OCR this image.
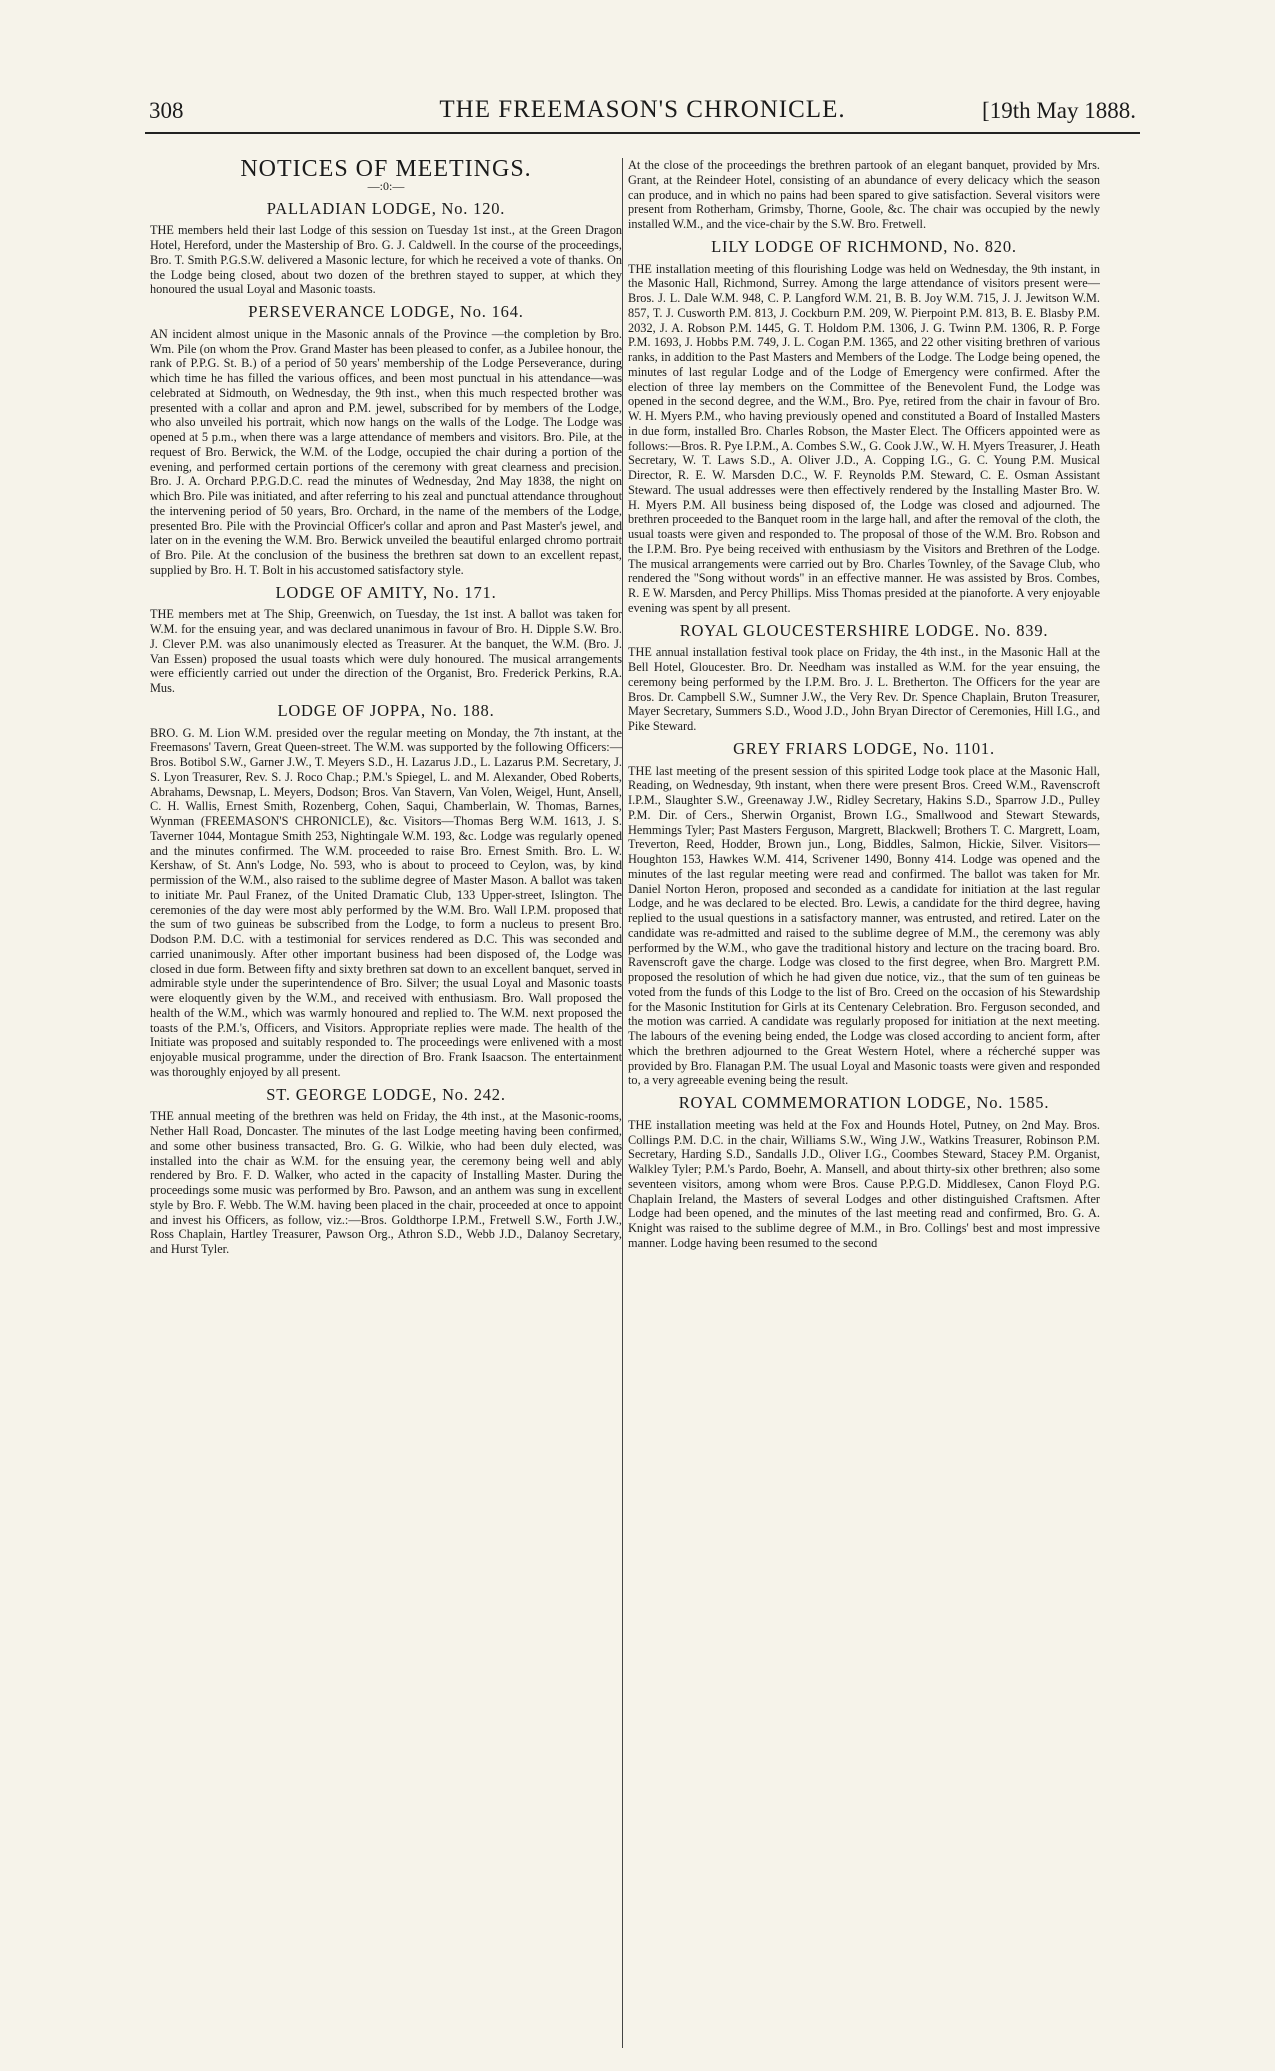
308	THE FREEMASON'S CHRONICLE.	[19th May 1888.
NOTICES OF MEETINGS.
—:0:—
PALLADIAN LODGE, No. 120.

THE members held their last Lodge of this session on Tuesday 1st inst., at the Green Dragon Hotel, Hereford, under the Mastership of Bro. G. J. Caldwell. In the course of the proceedings, Bro. T. Smith P.G.S.W. delivered a Masonic lecture, for which he received a vote of thanks. On the Lodge being closed, about two dozen of the brethren stayed to supper, at which they honoured the usual Loyal and Masonic toasts.

PERSEVERANCE LODGE, No. 164.

AN incident almost unique in the Masonic annals of the Province —the completion by Bro. Wm. Pile (on whom the Prov. Grand Master has been pleased to confer, as a Jubilee honour, the rank of P.P.G. St. B.) of a period of 50 years' membership of the Lodge Perseverance, during which time he has filled the various offices, and been most punctual in his attendance—was celebrated at Sidmouth, on Wednesday, the 9th inst., when this much respected brother was presented with a collar and apron and P.M. jewel, subscribed for by members of the Lodge, who also unveiled his portrait, which now hangs on the walls of the Lodge. The Lodge was opened at 5 p.m., when there was a large attendance of members and visitors. Bro. Pile, at the request of Bro. Berwick, the W.M. of the Lodge, occupied the chair during a portion of the evening, and performed certain portions of the ceremony with great clearness and precision. Bro. J. A. Orchard P.P.G.D.C. read the minutes of Wednesday, 2nd May 1838, the night on which Bro. Pile was initiated, and after referring to his zeal and punctual attendance throughout the intervening period of 50 years, Bro. Orchard, in the name of the members of the Lodge, presented Bro. Pile with the Provincial Officer's collar and apron and Past Master's jewel, and later on in the evening the W.M. Bro. Berwick unveiled the beautiful enlarged chromo portrait of Bro. Pile. At the conclusion of the business the brethren sat down to an excellent repast, supplied by Bro. H. T. Bolt in his accustomed satisfactory style.

LODGE OF AMITY, No. 171.

THE members met at The Ship, Greenwich, on Tuesday, the 1st inst. A ballot was taken for W.M. for the ensuing year, and was declared unanimous in favour of Bro. H. Dipple S.W. Bro. J. Clever P.M. was also unanimously elected as Treasurer. At the banquet, the W.M. (Bro. J. Van Essen) proposed the usual toasts which were duly honoured. The musical arrangements were efficiently carried out under the direction of the Organist, Bro. Frederick Perkins, R.A. Mus.

LODGE OF JOPPA, No. 188.

BRO. G. M. Lion W.M. presided over the regular meeting on Monday, the 7th instant, at the Freemasons' Tavern, Great Queen-street. The W.M. was supported by the following Officers:—Bros. Botibol S.W., Garner J.W., T. Meyers S.D., H. Lazarus J.D., L. Lazarus P.M. Secretary, J. S. Lyon Treasurer, Rev. S. J. Roco Chap.; P.M.'s Spiegel, L. and M. Alexander, Obed Roberts, Abrahams, Dewsnap, L. Meyers, Dodson; Bros. Van Stavern, Van Volen, Weigel, Hunt, Ansell, C. H. Wallis, Ernest Smith, Rozenberg, Cohen, Saqui, Chamberlain, W. Thomas, Barnes, Wynman (FREEMASON'S CHRONICLE), &c. Visitors—Thomas Berg W.M. 1613, J. S. Taverner 1044, Montague Smith 253, Nightingale W.M. 193, &c. Lodge was regularly opened and the minutes confirmed. The W.M. proceeded to raise Bro. Ernest Smith. Bro. L. W. Kershaw, of St. Ann's Lodge, No. 593, who is about to proceed to Ceylon, was, by kind permission of the W.M., also raised to the sublime degree of Master Mason. A ballot was taken to initiate Mr. Paul Franez, of the United Dramatic Club, 133 Upper-street, Islington. The ceremonies of the day were most ably performed by the W.M. Bro. Wall I.P.M. proposed that the sum of two guineas be subscribed from the Lodge, to form a nucleus to present Bro. Dodson P.M. D.C. with a testimonial for services rendered as D.C. This was seconded and carried unanimously. After other important business had been disposed of, the Lodge was closed in due form. Between fifty and sixty brethren sat down to an excellent banquet, served in admirable style under the superintendence of Bro. Silver; the usual Loyal and Masonic toasts were eloquently given by the W.M., and received with enthusiasm. Bro. Wall proposed the health of the W.M., which was warmly honoured and replied to. The W.M. next proposed the toasts of the P.M.'s, Officers, and Visitors. Appropriate replies were made. The health of the Initiate was proposed and suitably responded to. The proceedings were enlivened with a most enjoyable musical programme, under the direction of Bro. Frank Isaacson. The entertainment was thoroughly enjoyed by all present.

ST. GEORGE LODGE, No. 242.

THE annual meeting of the brethren was held on Friday, the 4th inst., at the Masonic-rooms, Nether Hall Road, Doncaster. The minutes of the last Lodge meeting having been confirmed, and some other business transacted, Bro. G. G. Wilkie, who had been duly elected, was installed into the chair as W.M. for the ensuing year, the ceremony being well and ably rendered by Bro. F. D. Walker, who acted in the capacity of Installing Master. During the proceedings some music was performed by Bro. Pawson, and an anthem was sung in excellent style by Bro. F. Webb. The W.M. having been placed in the chair, proceeded at once to appoint and invest his Officers, as follow, viz.:—Bros. Goldthorpe I.P.M., Fretwell S.W., Forth J.W., Ross Chaplain, Hartley Treasurer, Pawson Org., Athron S.D., Webb J.D., Dalanoy Secretary, and Hurst Tyler.

At the close of the proceedings the brethren partook of an elegant banquet, provided by Mrs. Grant, at the Reindeer Hotel, consisting of an abundance of every delicacy which the season can produce, and in which no pains had been spared to give satisfaction. Several visitors were present from Rotherham, Grimsby, Thorne, Goole, &c. The chair was occupied by the newly installed W.M., and the vice-chair by the S.W. Bro. Fretwell.

LILY LODGE OF RICHMOND, No. 820.

THE installation meeting of this flourishing Lodge was held on Wednesday, the 9th instant, in the Masonic Hall, Richmond, Surrey. Among the large attendance of visitors present were—Bros. J. L. Dale W.M. 948, C. P. Langford W.M. 21, B. B. Joy W.M. 715, J. J. Jewitson W.M. 857, T. J. Cusworth P.M. 813, J. Cockburn P.M. 209, W. Pierpoint P.M. 813, B. E. Blasby P.M. 2032, J. A. Robson P.M. 1445, G. T. Holdom P.M. 1306, J. G. Twinn P.M. 1306, R. P. Forge P.M. 1693, J. Hobbs P.M. 749, J. L. Cogan P.M. 1365, and 22 other visiting brethren of various ranks, in addition to the Past Masters and Members of the Lodge. The Lodge being opened, the minutes of last regular Lodge and of the Lodge of Emergency were confirmed. After the election of three lay members on the Committee of the Benevolent Fund, the Lodge was opened in the second degree, and the W.M., Bro. Pye, retired from the chair in favour of Bro. W. H. Myers P.M., who having previously opened and constituted a Board of Installed Masters in due form, installed Bro. Charles Robson, the Master Elect. The Officers appointed were as follows:—Bros. R. Pye I.P.M., A. Combes S.W., G. Cook J.W., W. H. Myers Treasurer, J. Heath Secretary, W. T. Laws S.D., A. Oliver J.D., A. Copping I.G., G. C. Young P.M. Musical Director, R. E. W. Marsden D.C., W. F. Reynolds P.M. Steward, C. E. Osman Assistant Steward. The usual addresses were then effectively rendered by the Installing Master Bro. W. H. Myers P.M. All business being disposed of, the Lodge was closed and adjourned. The brethren proceeded to the Banquet room in the large hall, and after the removal of the cloth, the usual toasts were given and responded to. The proposal of those of the W.M. Bro. Robson and the I.P.M. Bro. Pye being received with enthusiasm by the Visitors and Brethren of the Lodge. The musical arrangements were carried out by Bro. Charles Townley, of the Savage Club, who rendered the "Song without words" in an effective manner. He was assisted by Bros. Combes, R. E W. Marsden, and Percy Phillips. Miss Thomas presided at the pianoforte. A very enjoyable evening was spent by all present.

ROYAL GLOUCESTERSHIRE LODGE. No. 839.

THE annual installation festival took place on Friday, the 4th inst., in the Masonic Hall at the Bell Hotel, Gloucester. Bro. Dr. Needham was installed as W.M. for the year ensuing, the ceremony being performed by the I.P.M. Bro. J. L. Bretherton. The Officers for the year are Bros. Dr. Campbell S.W., Sumner J.W., the Very Rev. Dr. Spence Chaplain, Bruton Treasurer, Mayer Secretary, Summers S.D., Wood J.D., John Bryan Director of Ceremonies, Hill I.G., and Pike Steward.

GREY FRIARS LODGE, No. 1101.

THE last meeting of the present session of this spirited Lodge took place at the Masonic Hall, Reading, on Wednesday, 9th instant, when there were present Bros. Creed W.M., Ravenscroft I.P.M., Slaughter S.W., Greenaway J.W., Ridley Secretary, Hakins S.D., Sparrow J.D., Pulley P.M. Dir. of Cers., Sherwin Organist, Brown I.G., Smallwood and Stewart Stewards, Hemmings Tyler; Past Masters Ferguson, Margrett, Blackwell; Brothers T. C. Margrett, Loam, Treverton, Reed, Hodder, Brown jun., Long, Biddles, Salmon, Hickie, Silver. Visitors—Houghton 153, Hawkes W.M. 414, Scrivener 1490, Bonny 414. Lodge was opened and the minutes of the last regular meeting were read and confirmed. The ballot was taken for Mr. Daniel Norton Heron, proposed and seconded as a candidate for initiation at the last regular Lodge, and he was declared to be elected. Bro. Lewis, a candidate for the third degree, having replied to the usual questions in a satisfactory manner, was entrusted, and retired. Later on the candidate was re-admitted and raised to the sublime degree of M.M., the ceremony was ably performed by the W.M., who gave the traditional history and lecture on the tracing board. Bro. Ravenscroft gave the charge. Lodge was closed to the first degree, when Bro. Margrett P.M. proposed the resolution of which he had given due notice, viz., that the sum of ten guineas be voted from the funds of this Lodge to the list of Bro. Creed on the occasion of his Stewardship for the Masonic Institution for Girls at its Centenary Celebration. Bro. Ferguson seconded, and the motion was carried. A candidate was regularly proposed for initiation at the next meeting. The labours of the evening being ended, the Lodge was closed according to ancient form, after which the brethren adjourned to the Great Western Hotel, where a récherché supper was provided by Bro. Flanagan P.M. The usual Loyal and Masonic toasts were given and responded to, a very agreeable evening being the result.

ROYAL COMMEMORATION LODGE, No. 1585.

THE installation meeting was held at the Fox and Hounds Hotel, Putney, on 2nd May. Bros. Collings P.M. D.C. in the chair, Williams S.W., Wing J.W., Watkins Treasurer, Robinson P.M. Secretary, Harding S.D., Sandalls J.D., Oliver I.G., Coombes Steward, Stacey P.M. Organist, Walkley Tyler; P.M.'s Pardo, Boehr, A. Mansell, and about thirty-six other brethren; also some seventeen visitors, among whom were Bros. Cause P.P.G.D. Middlesex, Canon Floyd P.G. Chaplain Ireland, the Masters of several Lodges and other distinguished Craftsmen. After Lodge had been opened, and the minutes of the last meeting read and confirmed, Bro. G. A. Knight was raised to the sublime degree of M.M., in Bro. Collings' best and most impressive manner. Lodge having been resumed to the second
